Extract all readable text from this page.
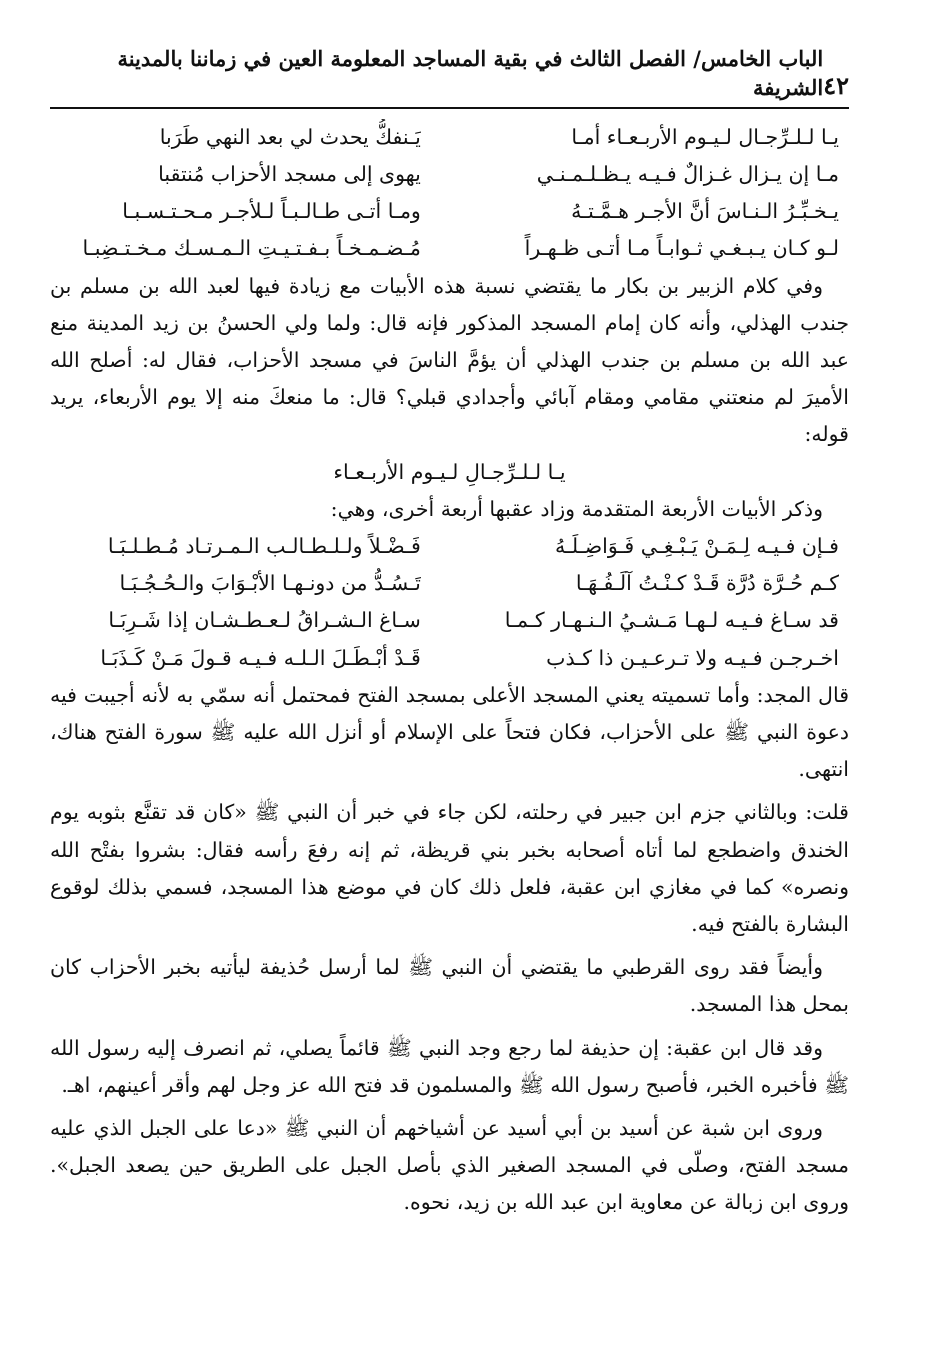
٤٢
الباب الخامس/ الفصل الثالث في بقية المساجد المعلومة العين في زماننا بالمدينة الشريفة
يـا لـلـرِّجـال لـيـوم الأربـعـاء أمـا
يَـنفكُّ يحدث لي بعد النهي طَرَبا
مـا إن يـزال غـزالٌ فـيـه يـظـلـمـنـي
يهوى إلى مسجد الأحزاب مُنتقبا
يـخـبِّـرُ الـنـاسَ أنَّ الأجـر هـمَّـتـهُ
ومـا أتـى طـالـبـاً لـلأجـر مـحـتـسـبـا
لـو كـان يـبـغـي ثـوابـاً مـا أتـى ظـهـراً
مُـضـمـخـاً بـفـتـيـتِ الـمـسـك مـخـتـضِبـا

وفي كلام الزبير بن بكار ما يقتضي نسبة هذه الأبيات مع زيادة فيها لعبد الله بن مسلم بن جندب الهذلي، وأنه كان إمام المسجد المذكور فإنه قال: ولما ولي الحسنُ بن زيد المدينة منع عبد الله بن مسلم بن جندب الهذلي أن يؤمَّ الناسَ في مسجد الأحزاب، فقال له: أصلح الله الأميرَ لم منعتني مقامي ومقام آبائي وأجدادي قبلي؟ قال: ما منعكَ منه إلا يوم الأربعاء، يريد قوله:

يـا لـلـرِّجـالِ لـيـوم الأربـعـاء

وذكر الأبيات الأربعة المتقدمة وزاد عقبها أربعة أخرى، وهي:

فـإن فـيـه لِـمَـنْ يَـبْـغِـي فَـوَاضِـلَـهُ
فَـضْـلاً ولـلـطـالـب الـمـرتـاد مُـطـلـبَـا
كـم حُـرَّة دُرَّة قَـدْ كـنْـتُ آلَـفُـهَـا
تَـسُـدُّ من دونـهـا الأبْـوَابَ والـحُـجُـبَـا
قد سـاغ فـيـه لـهـا مَـشـيُ الـنـهـار كـمـا
سـاغ الـشـراقُ لـعـطـشـان إذا شَـرِبَـا
اخـرجـن فـيـه ولا تـرعـيـن ذا كـذب
قَـدْ أبْـطَـلَ الـلـه فـيـه قـولَ مَـنْ كَـذَبَـا

قال المجد: وأما تسميته يعني المسجد الأعلى بمسجد الفتح فمحتمل أنه سمّي به لأنه أجيبت فيه دعوة النبي ﷺ على الأحزاب، فكان فتحاً على الإسلام أو أنزل الله عليه ﷺ سورة الفتح هناك، انتهى.

قلت: وبالثاني جزم ابن جبير في رحلته، لكن جاء في خبر أن النبي ﷺ «كان قد تقنَّع بثوبه يوم الخندق واضطجع لما أتاه أصحابه بخبر بني قريظة، ثم إنه رفعَ رأسه فقال: بشروا بفتْح الله ونصره» كما في مغازي ابن عقبة، فلعل ذلك كان في موضع هذا المسجد، فسمي بذلك لوقوع البشارة بالفتح فيه.

وأيضاً فقد روى القرطبي ما يقتضي أن النبي ﷺ لما أرسل حُذيفة ليأتيه بخبر الأحزاب كان بمحل هذا المسجد.

وقد قال ابن عقبة: إن حذيفة لما رجع وجد النبي ﷺ قائماً يصلي، ثم انصرف إليه رسول الله ﷺ فأخبره الخبر، فأصبح رسول الله ﷺ والمسلمون قد فتح الله عز وجل لهم وأقر أعينهم، اهـ.

وروى ابن شبة عن أسيد بن أبي أسيد عن أشياخهم أن النبي ﷺ «دعا على الجبل الذي عليه مسجد الفتح، وصلّى في المسجد الصغير الذي بأصل الجبل على الطريق حين يصعد الجبل». وروى ابن زبالة عن معاوية ابن عبد الله بن زيد، نحوه.
